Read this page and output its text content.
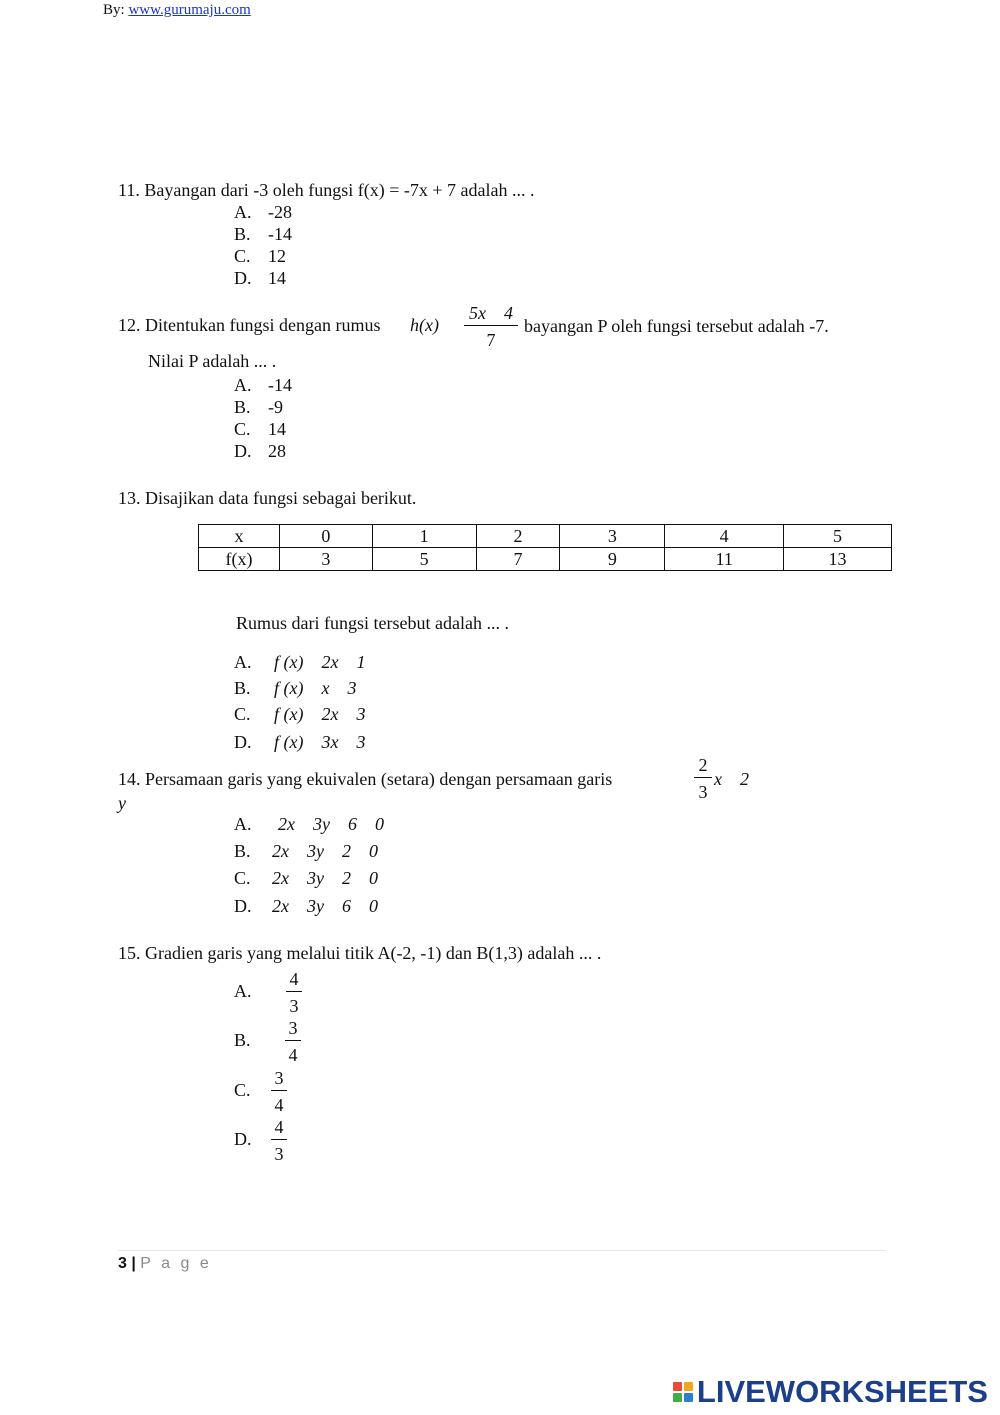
By: www.gurumaju.com
11. Bayangan dari -3 oleh fungsi f(x) = -7x + 7 adalah ... .
A. -28
B. -14
C. 12
D. 14
12. Ditentukan fungsi dengan rumus $h(x) \frac{5x 4}{7}$ bayangan P oleh fungsi tersebut adalah -7.
Nilai P adalah ... .
A. -14
B. -9
C. 14
D. 28
13. Disajikan data fungsi sebagai berikut.
x	0	1	2	3	4	5
f(x)	3	5	7	9	11	13
Rumus dari fungsi tersebut adalah ... .
A. f (x)    2x    1
B. f (x)    x    3
C. f (x)    2x    3
D. f (x)    3x    3
14. Persamaan garis yang ekuivalen (setara) dengan persamaan garis	$\frac{2}{3}$ x    2
y
A. 2x    3y    6    0
B. 2x    3y    2    0
C. 2x    3y    2    0
D. 2x    3y    6    0
15. Gradien garis yang melalui titik A(-2, -1) dan B(1,3) adalah ... .
A. $\frac{4}{3}$
B. $\frac{3}{4}$
C. $\frac{3}{4}$
D. $\frac{4}{3}$
3 | P a g e
LIVEWORKSHEETS
